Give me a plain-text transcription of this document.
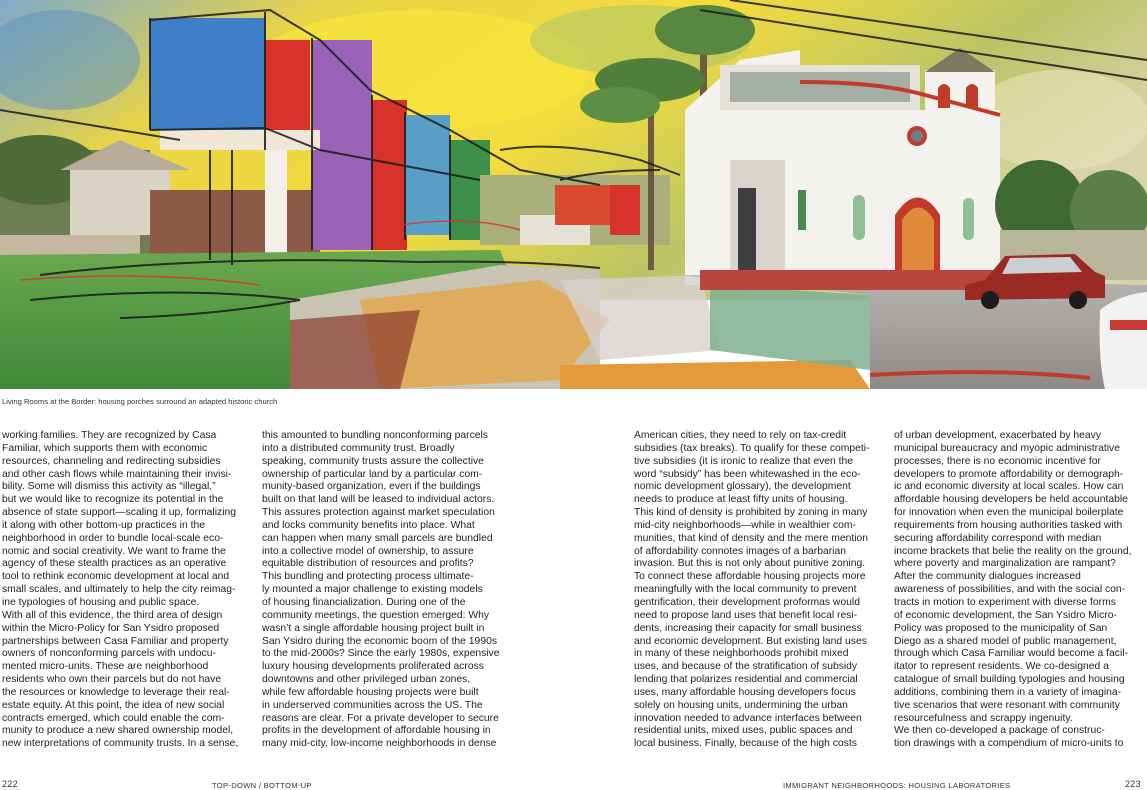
Living Rooms at the Border: housing porches surround an adapted historic church
working families. They are recognized by Casa
Familiar, which supports them with economic
resources, channeling and redirecting subsidies
and other cash flows while maintaining their invisi-
bility. Some will dismiss this activity as “illegal,”
but we would like to recognize its potential in the
absence of state support—scaling it up, formalizing
it along with other bottom-up practices in the
neighborhood in order to bundle local-scale eco-
nomic and social creativity. We want to frame the
agency of these stealth practices as an operative
tool to rethink economic development at local and
small scales, and ultimately to help the city reimag-
ine typologies of housing and public space.
With all of this evidence, the third area of design
within the Micro-Policy for San Ysidro proposed
partnerships between Casa Familiar and property
owners of nonconforming parcels with undocu-
mented micro-units. These are neighborhood
residents who own their parcels but do not have
the resources or knowledge to leverage their real-
estate equity. At this point, the idea of new social
contracts emerged, which could enable the com-
munity to produce a new shared ownership model,
new interpretations of community trusts. In a sense,
this amounted to bundling nonconforming parcels
into a distributed community trust. Broadly
speaking, community trusts assure the collective
ownership of particular land by a particular com-
munity-based organization, even if the buildings
built on that land will be leased to individual actors.
This assures protection against market speculation
and locks community benefits into place. What
can happen when many small parcels are bundled
into a collective model of ownership, to assure
equitable distribution of resources and profits?
This bundling and protecting process ultimate-
ly mounted a major challenge to existing models
of housing financialization. During one of the
community meetings, the question emerged: Why
wasn’t a single affordable housing project built in
San Ysidro during the economic boom of the 1990s
to the mid-2000s? Since the early 1980s, expensive
luxury housing developments proliferated across
downtowns and other privileged urban zones,
while few affordable housing projects were built
in underserved communities across the US. The
reasons are clear. For a private developer to secure
profits in the development of affordable housing in
many mid-city, low-income neighborhoods in dense
American cities, they need to rely on tax-credit
subsidies (tax breaks). To qualify for these competi-
tive subsidies (it is ironic to realize that even the
word “subsidy” has been whitewashed in the eco-
nomic development glossary), the development
needs to produce at least fifty units of housing.
This kind of density is prohibited by zoning in many
mid-city neighborhoods—while in wealthier com-
munities, that kind of density and the mere mention
of affordability connotes images of a barbarian
invasion. But this is not only about punitive zoning.
To connect these affordable housing projects more
meaningfully with the local community to prevent
gentrification, their development proformas would
need to propose land uses that benefit local resi-
dents, increasing their capacity for small business
and economic development. But existing land uses
in many of these neighborhoods prohibit mixed
uses, and because of the stratification of subsidy
lending that polarizes residential and commercial
uses, many affordable housing developers focus
solely on housing units, undermining the urban
innovation needed to advance interfaces between
residential units, mixed uses, public spaces and
local business. Finally, because of the high costs
of urban development, exacerbated by heavy
municipal bureaucracy and myopic administrative
processes, there is no economic incentive for
developers to promote affordability or demograph-
ic and economic diversity at local scales. How can
affordable housing developers be held accountable
for innovation when even the municipal boilerplate
requirements from housing authorities tasked with
securing affordability correspond with median
income brackets that belie the reality on the ground,
where poverty and marginalization are rampant?
After the community dialogues increased
awareness of possibilities, and with the social con-
tracts in motion to experiment with diverse forms
of economic development, the San Ysidro Micro-
Policy was proposed to the municipality of San
Diego as a shared model of public management,
through which Casa Familiar would become a facil-
itator to represent residents. We co-designed a
catalogue of small building typologies and housing
additions, combining them in a variety of imagina-
tive scenarios that were resonant with community
resourcefulness and scrappy ingenuity.
We then co-developed a package of construc-
tion drawings with a compendium of micro-units to
222	TOP-DOWN / BOTTOM-UP	IMMIGRANT NEIGHBORHOODS: HOUSING LABORATORIES	223
